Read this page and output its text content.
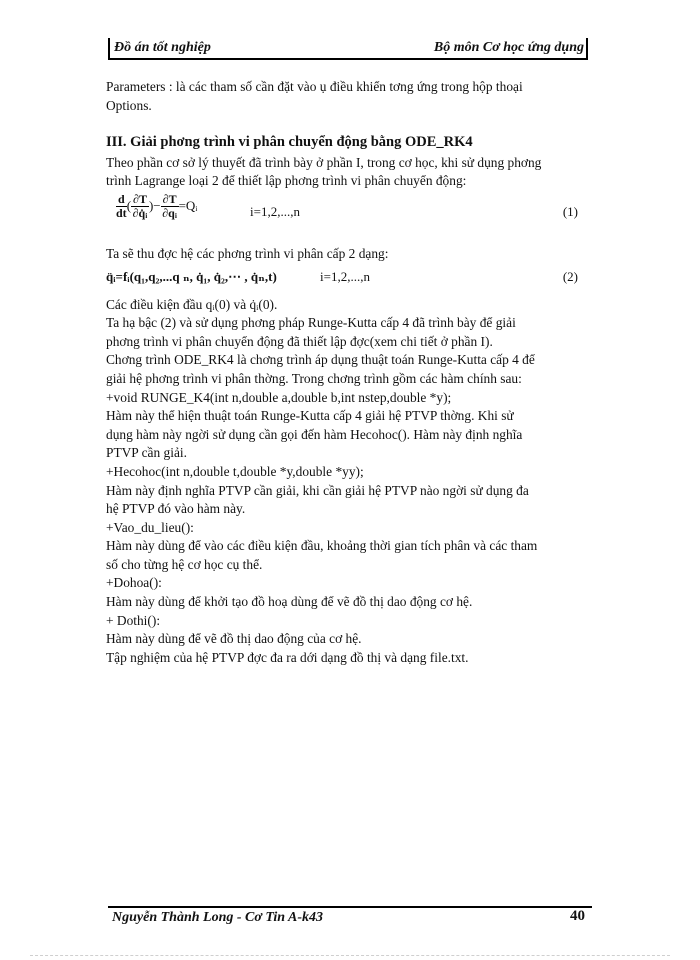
Đồ án tốt nghiệp	Bộ môn Cơ học ứng dụng

Parameters : là các tham số cần đặt vào ụ điều khiển tơng ứng trong hộp thoại

Options.

III. Giải phơng trình vi phân chuyển động bằng ODE_RK4

Theo phần cơ sở lý thuyết đã trình bày ở phần I, trong cơ học, khi sử dụng phơng

trình Lagrange loại 2 để thiết lập phơng trình vi phân chuyển động:

$\frac{d}{dt}$ ( $\frac{\partial T}{\text{∂q̇ᵢ}}$ )− $\frac{\partial T}{\text{∂qᵢ}}$ =Qᵢ	i=1,2,...,n	(1)

Ta sẽ thu đợc hệ các phơng trình vi phân cấp 2 dạng:

q̈ᵢ=fᵢ(q₁,q₂,...q ₙ, q̇₁, q̇₂,⋯ , q̇ₙ,t)	i=1,2,...,n	(2)

Các điều kiện đầu qᵢ(0) và q̇ᵢ(0).

Ta hạ bậc (2) và sử dụng phơng pháp Runge-Kutta cấp 4 đã trình bày để giải

phơng trình vi phân chuyển động đã thiết lập đợc(xem chi tiết ở phần I).

Chơng trình ODE_RK4 là chơng trình áp dụng thuật toán Runge-Kutta cấp 4 để

giải hệ phơng trình vi phân thờng. Trong chơng trình gồm các hàm chính sau:

+void RUNGE_K4(int n,double a,double b,int nstep,double *y);

Hàm này thể hiện thuật toán Runge-Kutta cấp 4 giải hệ PTVP thờng. Khi sử

dụng hàm này ngời sử dụng cần gọi đến hàm Hecohoc(). Hàm này định nghĩa

PTVP cần giải.

+Hecohoc(int n,double t,double *y,double *yy);

Hàm này định nghĩa PTVP cần giải, khi cần giải hệ PTVP nào ngời sử dụng đa

hệ PTVP đó vào hàm này.

+Vao_du_lieu():

Hàm này dùng để vào các điều kiện đầu, khoảng thời gian tích phân và các tham

số cho từng hệ cơ học cụ thể.

+Dohoa():

Hàm này dùng để khởi tạo đồ hoạ dùng để vẽ đồ thị dao động cơ hệ.

+ Dothi():

Hàm này dùng để vẽ đồ thị dao động của cơ hệ.

Tập nghiệm của hệ PTVP đợc đa ra dới dạng đồ thị và dạng file.txt.

Nguyễn Thành Long - Cơ Tin A-k43	40
